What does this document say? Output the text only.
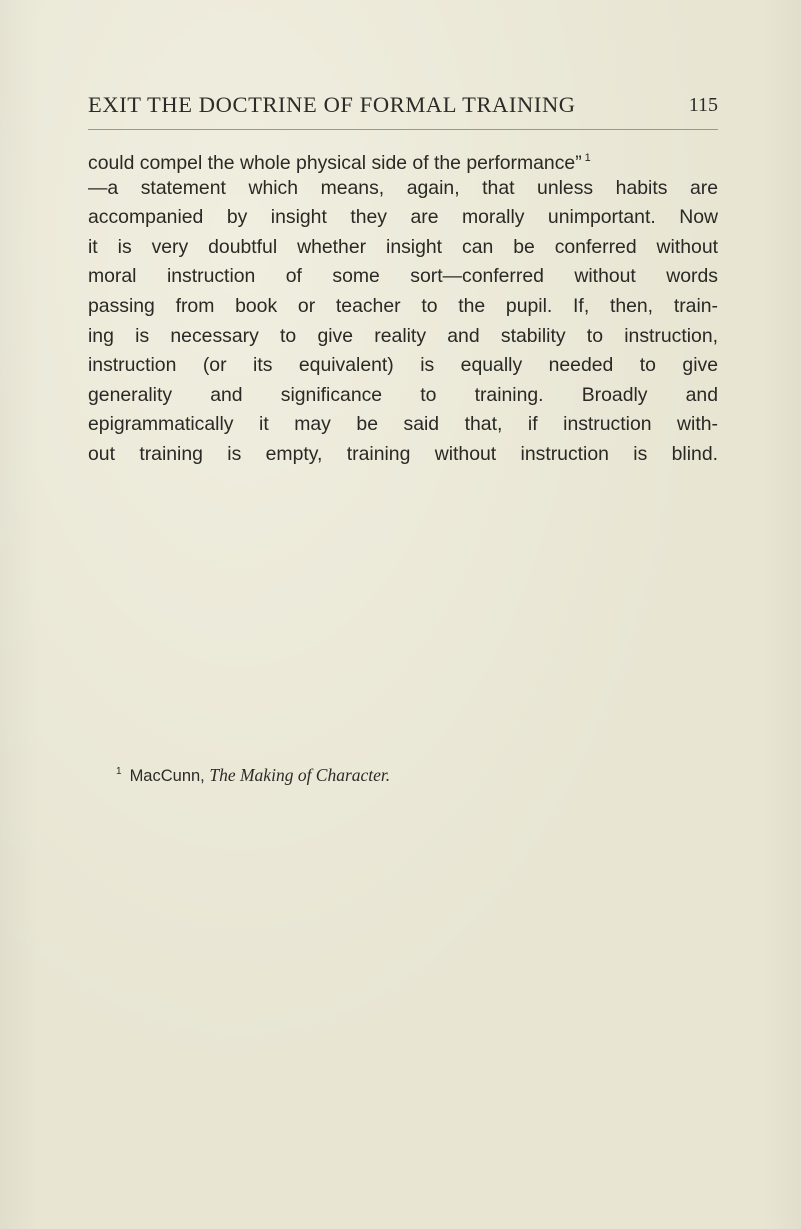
EXIT THE DOCTRINE OF FORMAL TRAINING	115
could compel the whole physical side of the performance” $^1$
—a statement which means, again, that unless habits are
accompanied by insight they are morally unimportant. Now
it is very doubtful whether insight can be conferred without
moral instruction of some sort—conferred without words
passing from book or teacher to the pupil. If, then, train-
ing is necessary to give reality and stability to instruction,
instruction (or its equivalent) is equally needed to give
generality and significance to training. Broadly and
epigrammatically it may be said that, if instruction with-
out training is empty, training without instruction is blind.
$^1$ MacCunn, The Making of Character.
